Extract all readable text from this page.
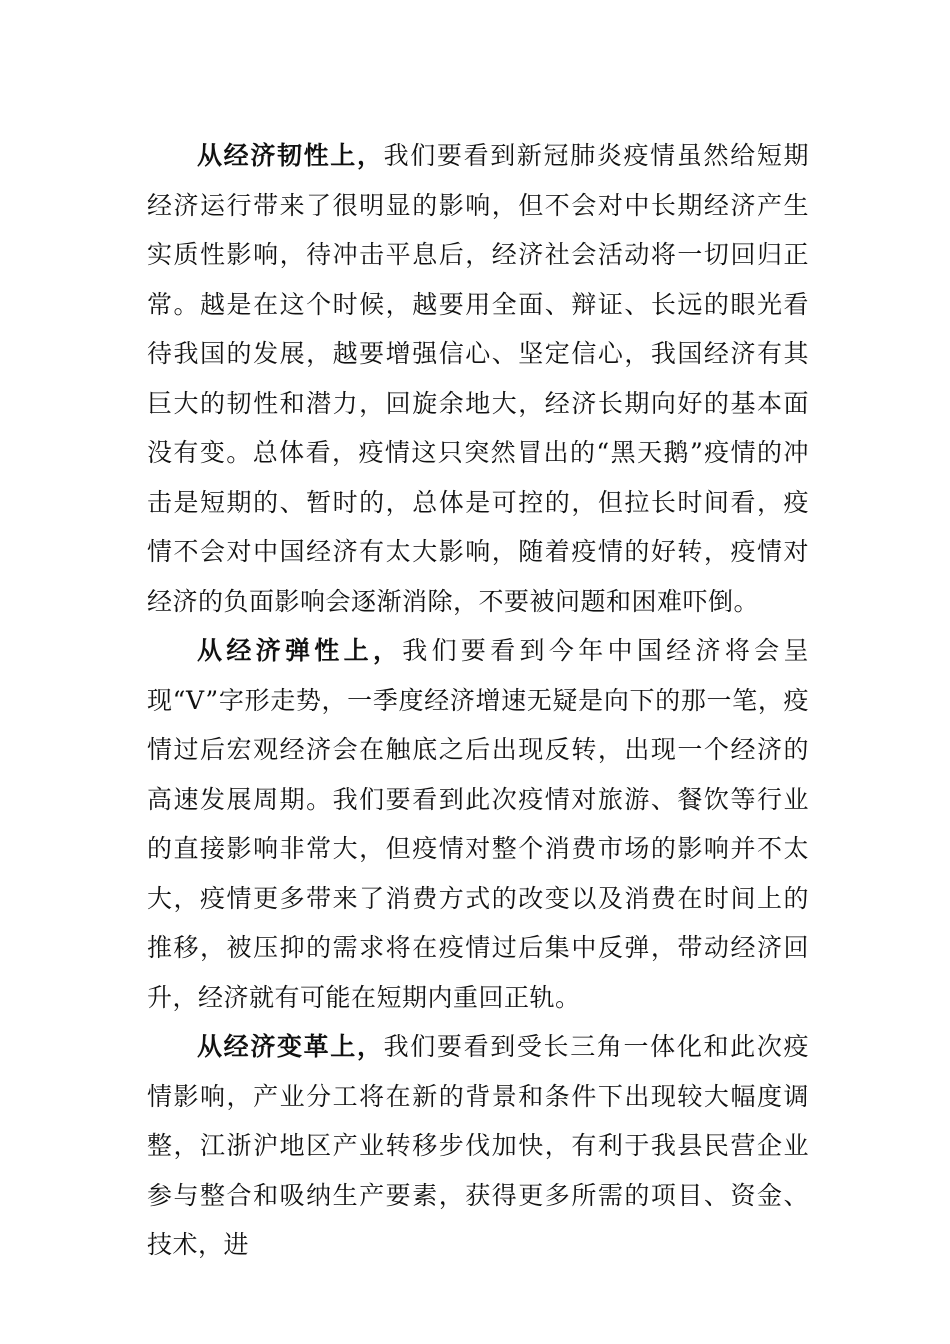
从经济韧性上，我们要看到新冠肺炎疫情虽然给短期经济运行带来了很明显的影响，但不会对中长期经济产生实质性影响，待冲击平息后，经济社会活动将一切回归正常。越是在这个时候，越要用全面、辩证、长远的眼光看待我国的发展，越要增强信心、坚定信心，我国经济有其巨大的韧性和潜力，回旋余地大，经济长期向好的基本面没有变。总体看，疫情这只突然冒出的“黑天鹅”疫情的冲击是短期的、暂时的，总体是可控的，但拉长时间看，疫情不会对中国经济有太大影响，随着疫情的好转，疫情对经济的负面影响会逐渐消除，不要被问题和困难吓倒。

从经济弹性上，我们要看到今年中国经济将会呈现“V”字形走势，一季度经济增速无疑是向下的那一笔，疫情过后宏观经济会在触底之后出现反转，出现一个经济的高速发展周期。我们要看到此次疫情对旅游、餐饮等行业的直接影响非常大，但疫情对整个消费市场的影响并不太大，疫情更多带来了消费方式的改变以及消费在时间上的推移，被压抑的需求将在疫情过后集中反弹，带动经济回升，经济就有可能在短期内重回正轨。

从经济变革上，我们要看到受长三角一体化和此次疫情影响，产业分工将在新的背景和条件下出现较大幅度调整，江浙沪地区产业转移步伐加快，有利于我县民营企业参与整合和吸纳生产要素，获得更多所需的项目、资金、技术，进
